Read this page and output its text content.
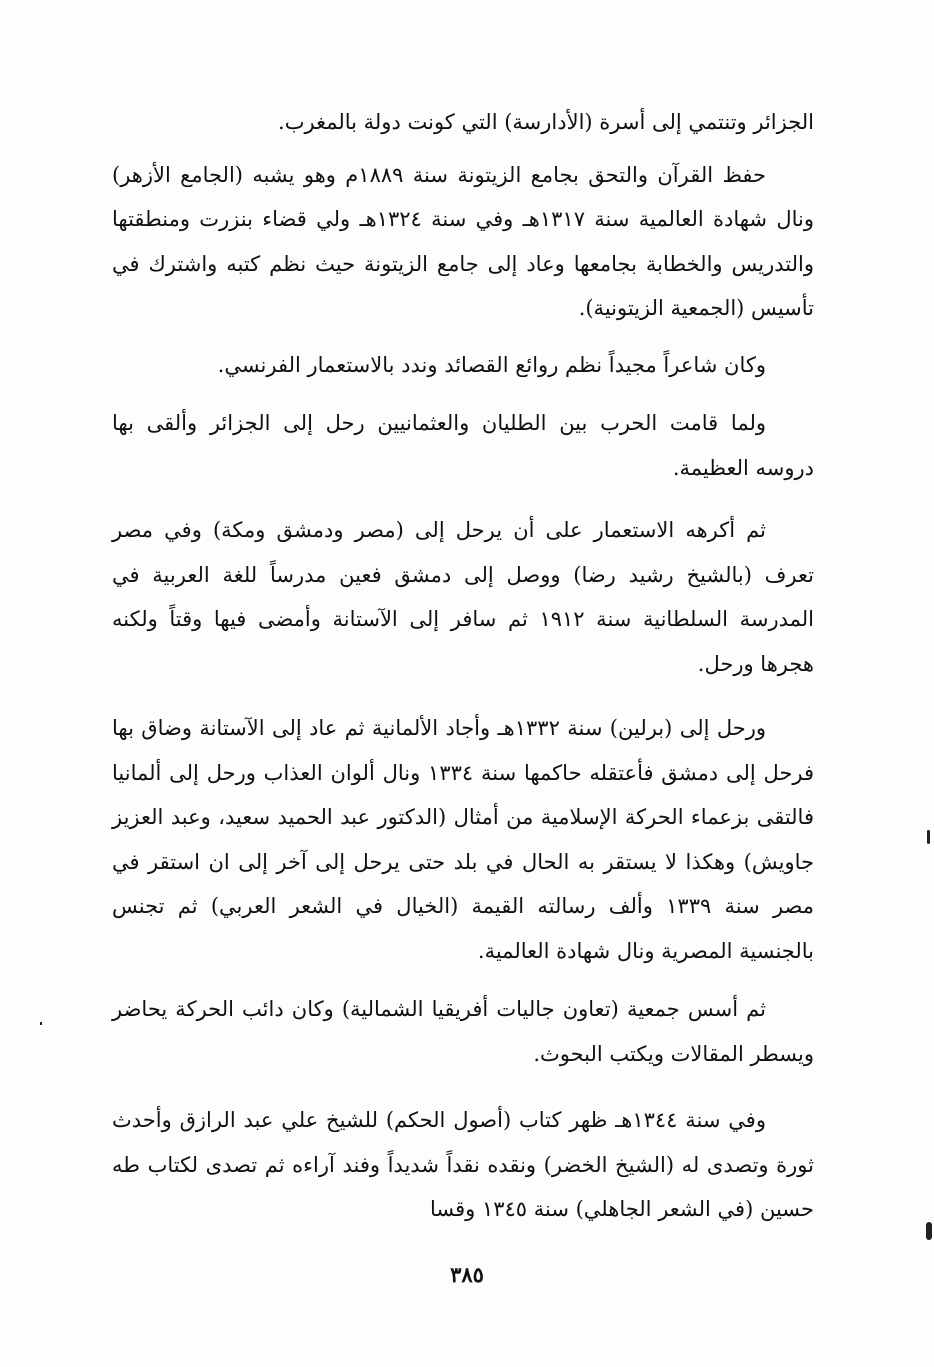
الجزائر وتنتمي إلى أسرة (الأدارسة) التي كونت دولة بالمغرب.

حفظ القرآن والتحق بجامع الزيتونة سنة ١٨٨٩م وهو يشبه (الجامع الأزهر) ونال شهادة العالمية سنة ١٣١٧هـ وفي سنة ١٣٢٤هـ ولي قضاء بنزرت ومنطقتها والتدريس والخطابة بجامعها وعاد إلى جامع الزيتونة حيث نظم كتبه واشترك في تأسيس (الجمعية الزيتونية).

وكان شاعراً مجيداً نظم روائع القصائد وندد بالاستعمار الفرنسي.

ولما قامت الحرب بين الطليان والعثمانيين رحل إلى الجزائر وألقى بها دروسه العظيمة.

ثم أكرهه الاستعمار على أن يرحل إلى (مصر ودمشق ومكة) وفي مصر تعرف (بالشيخ رشيد رضا) ووصل إلى دمشق فعين مدرساً للغة العربية في المدرسة السلطانية سنة ١٩١٢ ثم سافر إلى الآستانة وأمضى فيها وقتاً ولكنه هجرها ورحل.

ورحل إلى (برلين) سنة ١٣٣٢هـ وأجاد الألمانية ثم عاد إلى الآستانة وضاق بها فرحل إلى دمشق فأعتقله حاكمها سنة ١٣٣٤ ونال ألوان العذاب ورحل إلى ألمانيا فالتقى بزعماء الحركة الإسلامية من أمثال (الدكتور عبد الحميد سعيد، وعبد العزيز جاويش) وهكذا لا يستقر به الحال في بلد حتى يرحل إلى آخر إلى ان استقر في مصر سنة ١٣٣٩ وألف رسالته القيمة (الخيال في الشعر العربي) ثم تجنس بالجنسية المصرية ونال شهادة العالمية.

ثم أسس جمعية (تعاون جاليات أفريقيا الشمالية) وكان دائب الحركة يحاضر ويسطر المقالات ويكتب البحوث.

وفي سنة ١٣٤٤هـ ظهر كتاب (أصول الحكم) للشيخ علي عبد الرازق وأحدث ثورة وتصدى له (الشيخ الخضر) ونقده نقداً شديداً وفند آراءه ثم تصدى لكتاب طه حسين (في الشعر الجاهلي) سنة ١٣٤٥ وقسا

٣٨٥
